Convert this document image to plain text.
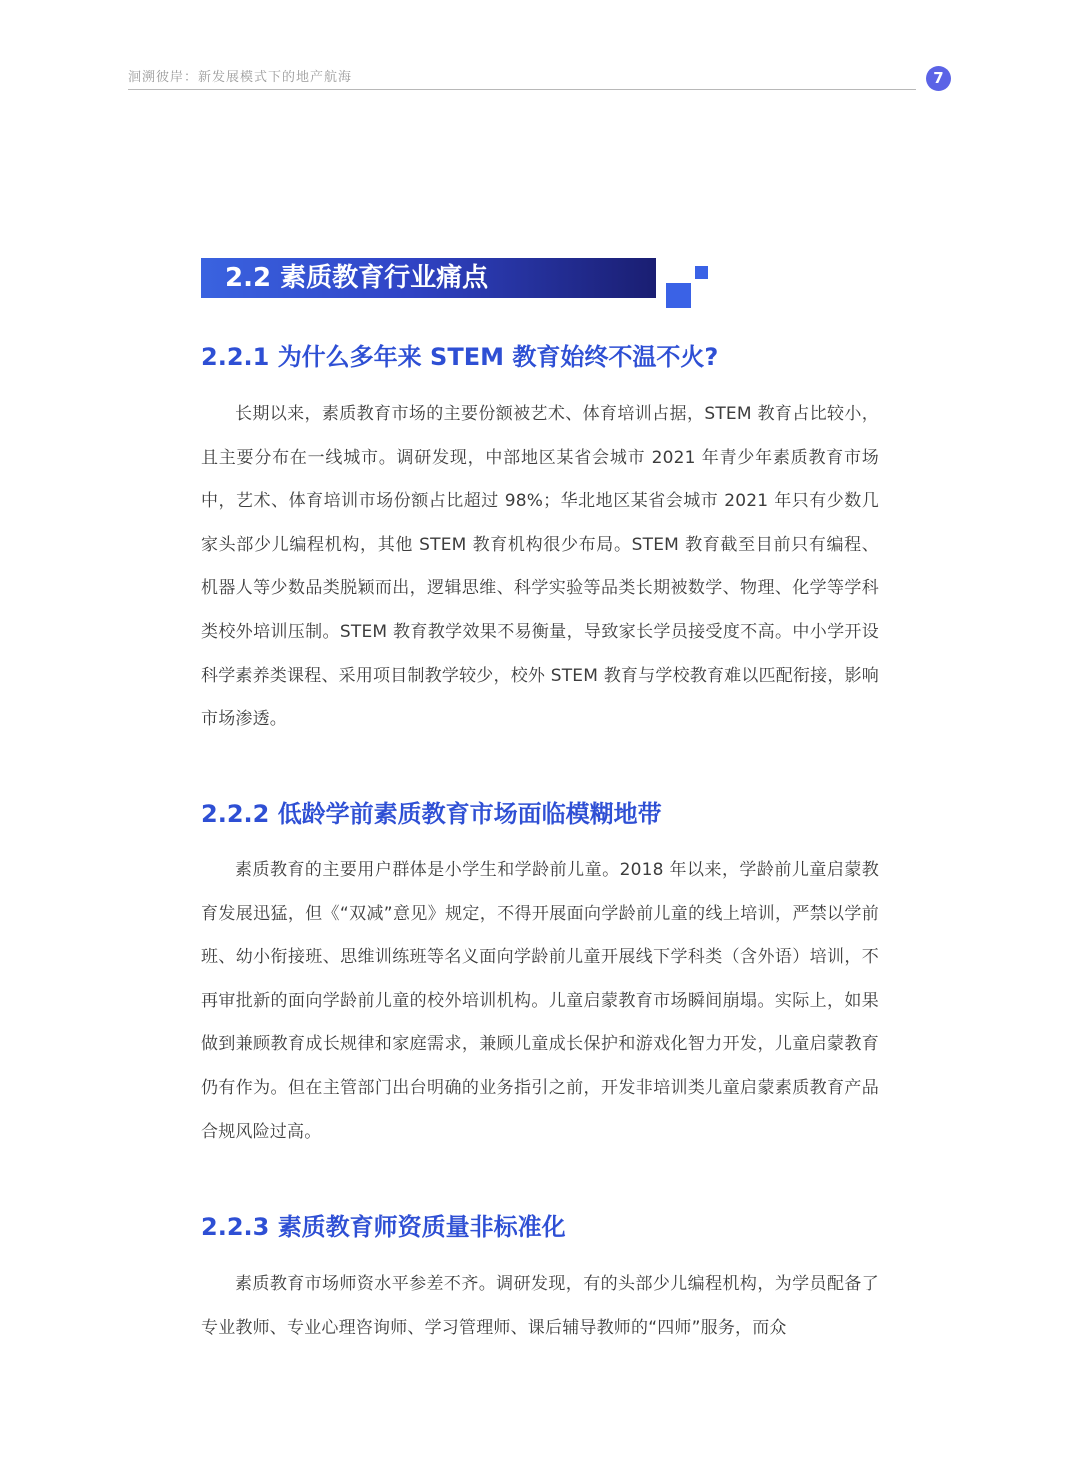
洄溯彼岸：新发展模式下的地产航海	7
2.2 素质教育行业痛点
2.2.1 为什么多年来 STEM 教育始终不温不火?

长期以来，素质教育市场的主要份额被艺术、体育培训占据，STEM 教育占比较小，且主要分布在一线城市。调研发现，中部地区某省会城市 2021 年青少年素质教育市场中，艺术、体育培训市场份额占比超过 98%；华北地区某省会城市 2021 年只有少数几家头部少儿编程机构，其他 STEM 教育机构很少布局。STEM 教育截至目前只有编程、机器人等少数品类脱颖而出，逻辑思维、科学实验等品类长期被数学、物理、化学等学科类校外培训压制。STEM 教育教学效果不易衡量，导致家长学员接受度不高。中小学开设科学素养类课程、采用项目制教学较少，校外 STEM 教育与学校教育难以匹配衔接，影响市场渗透。

2.2.2 低龄学前素质教育市场面临模糊地带

素质教育的主要用户群体是小学生和学龄前儿童。2018 年以来，学龄前儿童启蒙教育发展迅猛，但《“双减”意见》规定，不得开展面向学龄前儿童的线上培训，严禁以学前班、幼小衔接班、思维训练班等名义面向学龄前儿童开展线下学科类（含外语）培训，不再审批新的面向学龄前儿童的校外培训机构。儿童启蒙教育市场瞬间崩塌。实际上，如果做到兼顾教育成长规律和家庭需求，兼顾儿童成长保护和游戏化智力开发，儿童启蒙教育仍有作为。但在主管部门出台明确的业务指引之前，开发非培训类儿童启蒙素质教育产品合规风险过高。

2.2.3 素质教育师资质量非标准化

素质教育市场师资水平参差不齐。调研发现，有的头部少儿编程机构，为学员配备了专业教师、专业心理咨询师、学习管理师、课后辅导教师的“四师”服务，而众
